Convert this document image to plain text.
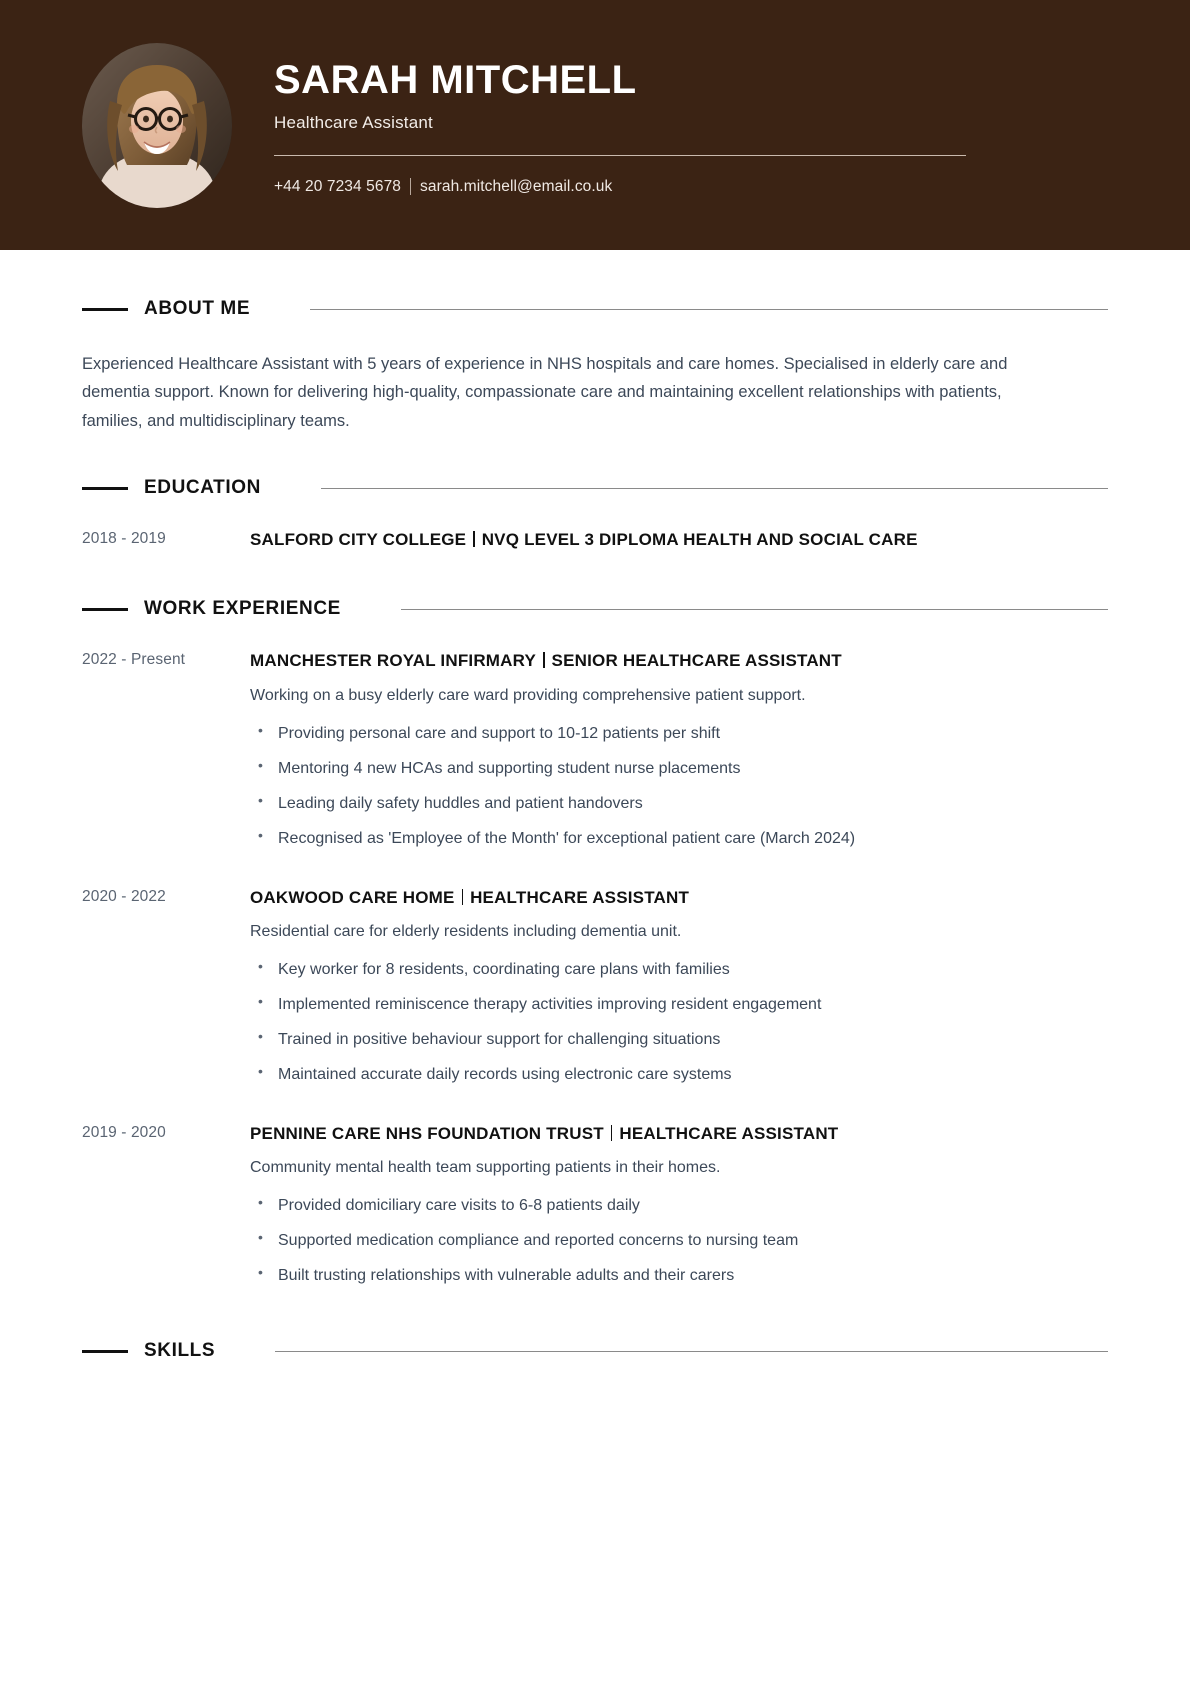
SARAH MITCHELL
Healthcare Assistant
+44 20 7234 5678 sarah.mitchell@email.co.uk
ABOUT ME

Experienced Healthcare Assistant with 5 years of experience in NHS hospitals and care homes. Specialised in elderly care and dementia support. Known for delivering high-quality, compassionate care and maintaining excellent relationships with patients, families, and multidisciplinary teams.

EDUCATION
2018 - 2019	SALFORD CITY COLLEGE NVQ LEVEL 3 DIPLOMA HEALTH AND SOCIAL CARE
WORK EXPERIENCE
2022 - Present	MANCHESTER ROYAL INFIRMARY SENIOR HEALTHCARE ASSISTANT
Working on a busy elderly care ward providing comprehensive patient support.
• Providing personal care and support to 10-12 patients per shift
• Mentoring 4 new HCAs and supporting student nurse placements
• Leading daily safety huddles and patient handovers
• Recognised as 'Employee of the Month' for exceptional patient care (March 2024)
2020 - 2022	OAKWOOD CARE HOME HEALTHCARE ASSISTANT
Residential care for elderly residents including dementia unit.
• Key worker for 8 residents, coordinating care plans with families
• Implemented reminiscence therapy activities improving resident engagement
• Trained in positive behaviour support for challenging situations
• Maintained accurate daily records using electronic care systems
2019 - 2020	PENNINE CARE NHS FOUNDATION TRUST HEALTHCARE ASSISTANT
Community mental health team supporting patients in their homes.
• Provided domiciliary care visits to 6-8 patients daily
• Supported medication compliance and reported concerns to nursing team
• Built trusting relationships with vulnerable adults and their carers
SKILLS
